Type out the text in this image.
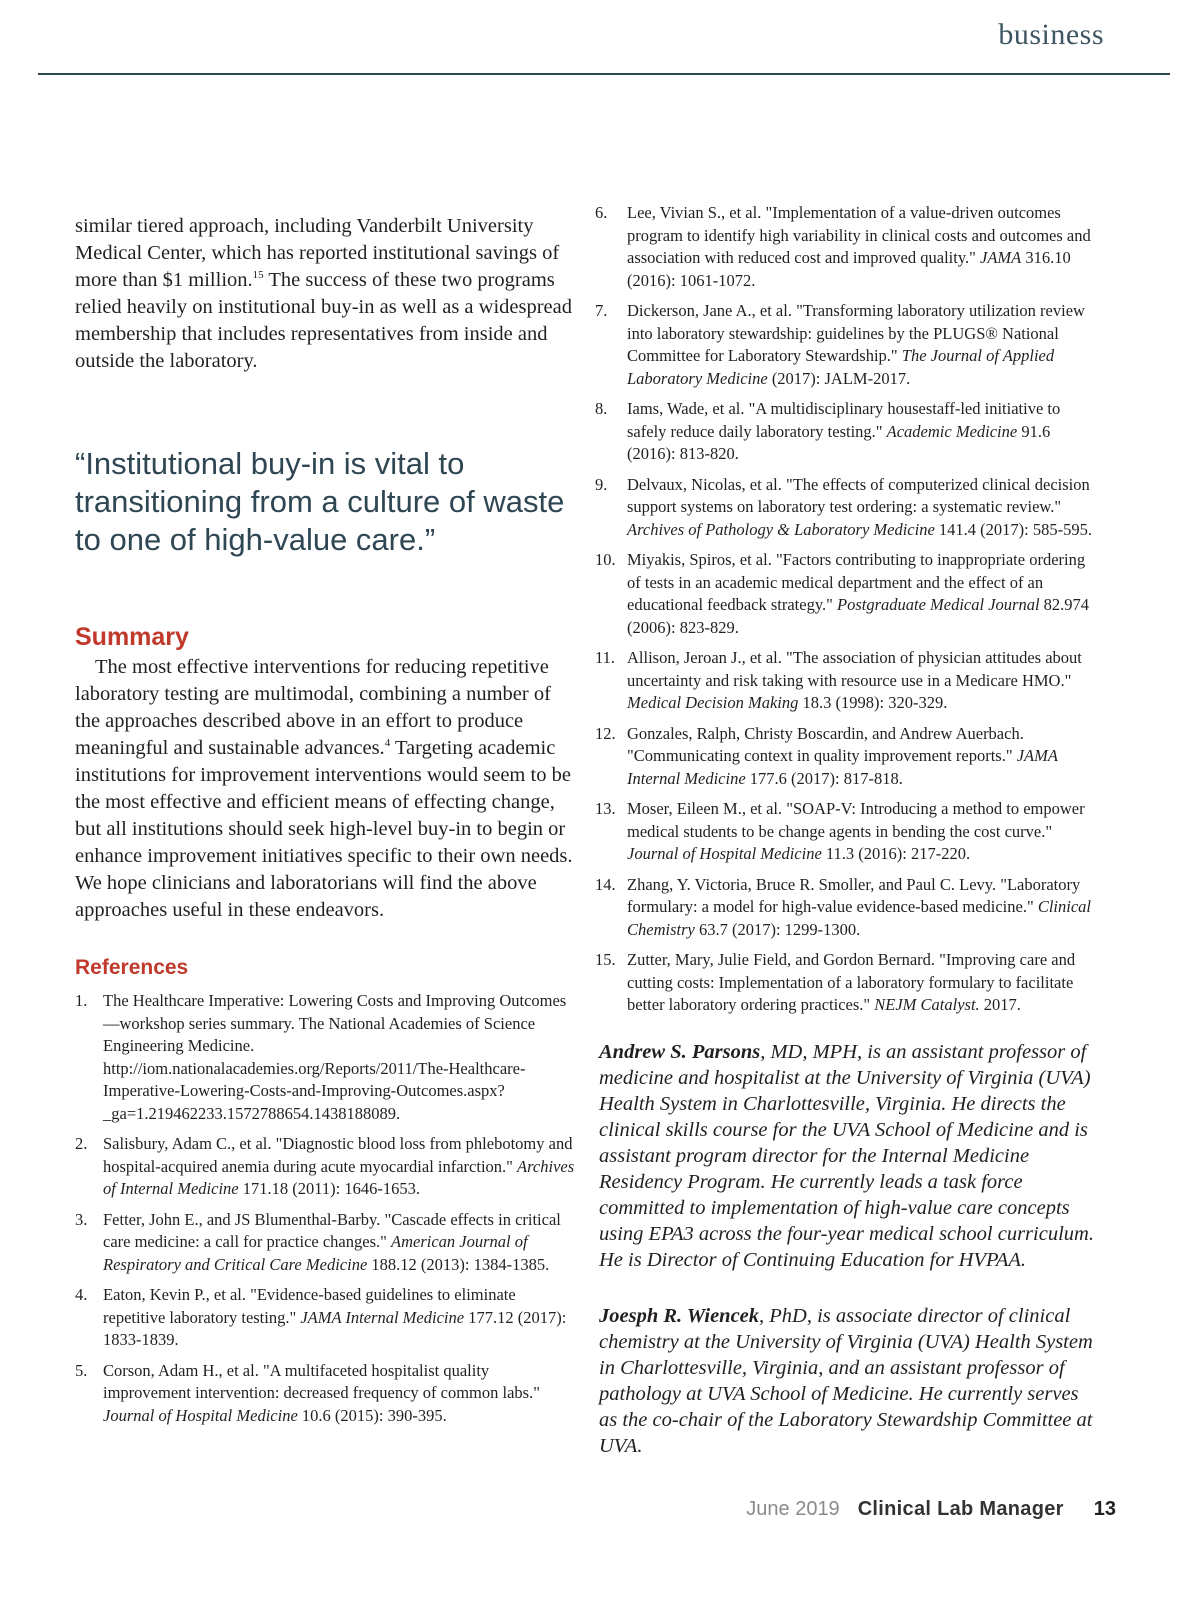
business

similar tiered approach, including Vanderbilt University Medical Center, which has reported institutional savings of more than $1 million.$^{15}$ The success of these two programs relied heavily on institutional buy-in as well as a widespread membership that includes representatives from inside and outside the laboratory.

“Institutional buy-in is vital to transitioning from a culture of waste to one of high-value care.”
Summary

The most effective interventions for reducing repetitive laboratory testing are multimodal, combining a number of the approaches described above in an effort to produce meaningful and sustainable advances.$^4$ Targeting academic institutions for improvement interventions would seem to be the most effective and efficient means of effecting change, but all institutions should seek high-level buy-in to begin or enhance improvement initiatives specific to their own needs. We hope clinicians and laboratorians will find the above approaches useful in these endeavors.

References
1. The Healthcare Imperative: Lowering Costs and Improving Outcomes—workshop series summary. The National Academies of Science Engineering Medicine. http://iom.nationalacademies.org/Reports/2011/The-Healthcare-Imperative-Lowering-Costs-and-Improving-Outcomes.aspx?_ga=1.219462233.1572788654.1438188089.
2. Salisbury, Adam C., et al. "Diagnostic blood loss from phlebotomy and hospital-acquired anemia during acute myocardial infarction." Archives of Internal Medicine 171.18 (2011): 1646-1653.
3. Fetter, John E., and JS Blumenthal-Barby. "Cascade effects in critical care medicine: a call for practice changes." American Journal of Respiratory and Critical Care Medicine 188.12 (2013): 1384-1385.
4. Eaton, Kevin P., et al. "Evidence-based guidelines to eliminate repetitive laboratory testing." JAMA Internal Medicine 177.12 (2017): 1833-1839.
5. Corson, Adam H., et al. "A multifaceted hospitalist quality improvement intervention: decreased frequency of common labs." Journal of Hospital Medicine 10.6 (2015): 390-395.
6. Lee, Vivian S., et al. "Implementation of a value-driven outcomes program to identify high variability in clinical costs and outcomes and association with reduced cost and improved quality." JAMA 316.10 (2016): 1061-1072.
7. Dickerson, Jane A., et al. "Transforming laboratory utilization review into laboratory stewardship: guidelines by the PLUGS® National Committee for Laboratory Stewardship." The Journal of Applied Laboratory Medicine (2017): JALM-2017.
8. Iams, Wade, et al. "A multidisciplinary housestaff-led initiative to safely reduce daily laboratory testing." Academic Medicine 91.6 (2016): 813-820.
9. Delvaux, Nicolas, et al. "The effects of computerized clinical decision support systems on laboratory test ordering: a systematic review." Archives of Pathology & Laboratory Medicine 141.4 (2017): 585-595.
10. Miyakis, Spiros, et al. "Factors contributing to inappropriate ordering of tests in an academic medical department and the effect of an educational feedback strategy." Postgraduate Medical Journal 82.974 (2006): 823-829.
11. Allison, Jeroan J., et al. "The association of physician attitudes about uncertainty and risk taking with resource use in a Medicare HMO." Medical Decision Making 18.3 (1998): 320-329.
12. Gonzales, Ralph, Christy Boscardin, and Andrew Auerbach. "Communicating context in quality improvement reports." JAMA Internal Medicine 177.6 (2017): 817-818.
13. Moser, Eileen M., et al. "SOAP-V: Introducing a method to empower medical students to be change agents in bending the cost curve." Journal of Hospital Medicine 11.3 (2016): 217-220.
14. Zhang, Y. Victoria, Bruce R. Smoller, and Paul C. Levy. "Laboratory formulary: a model for high-value evidence-based medicine." Clinical Chemistry 63.7 (2017): 1299-1300.
15. Zutter, Mary, Julie Field, and Gordon Bernard. "Improving care and cutting costs: Implementation of a laboratory formulary to facilitate better laboratory ordering practices." NEJM Catalyst. 2017.

Andrew S. Parsons, MD, MPH, is an assistant professor of medicine and hospitalist at the University of Virginia (UVA) Health System in Charlottesville, Virginia. He directs the clinical skills course for the UVA School of Medicine and is assistant program director for the Internal Medicine Residency Program. He currently leads a task force committed to implementation of high-value care concepts using EPA3 across the four-year medical school curriculum. He is Director of Continuing Education for HVPAA.

Joesph R. Wiencek, PhD, is associate director of clinical chemistry at the University of Virginia (UVA) Health System in Charlottesville, Virginia, and an assistant professor of pathology at UVA School of Medicine. He currently serves as the co-chair of the Laboratory Stewardship Committee at UVA.

June 2019 Clinical Lab Manager 13
